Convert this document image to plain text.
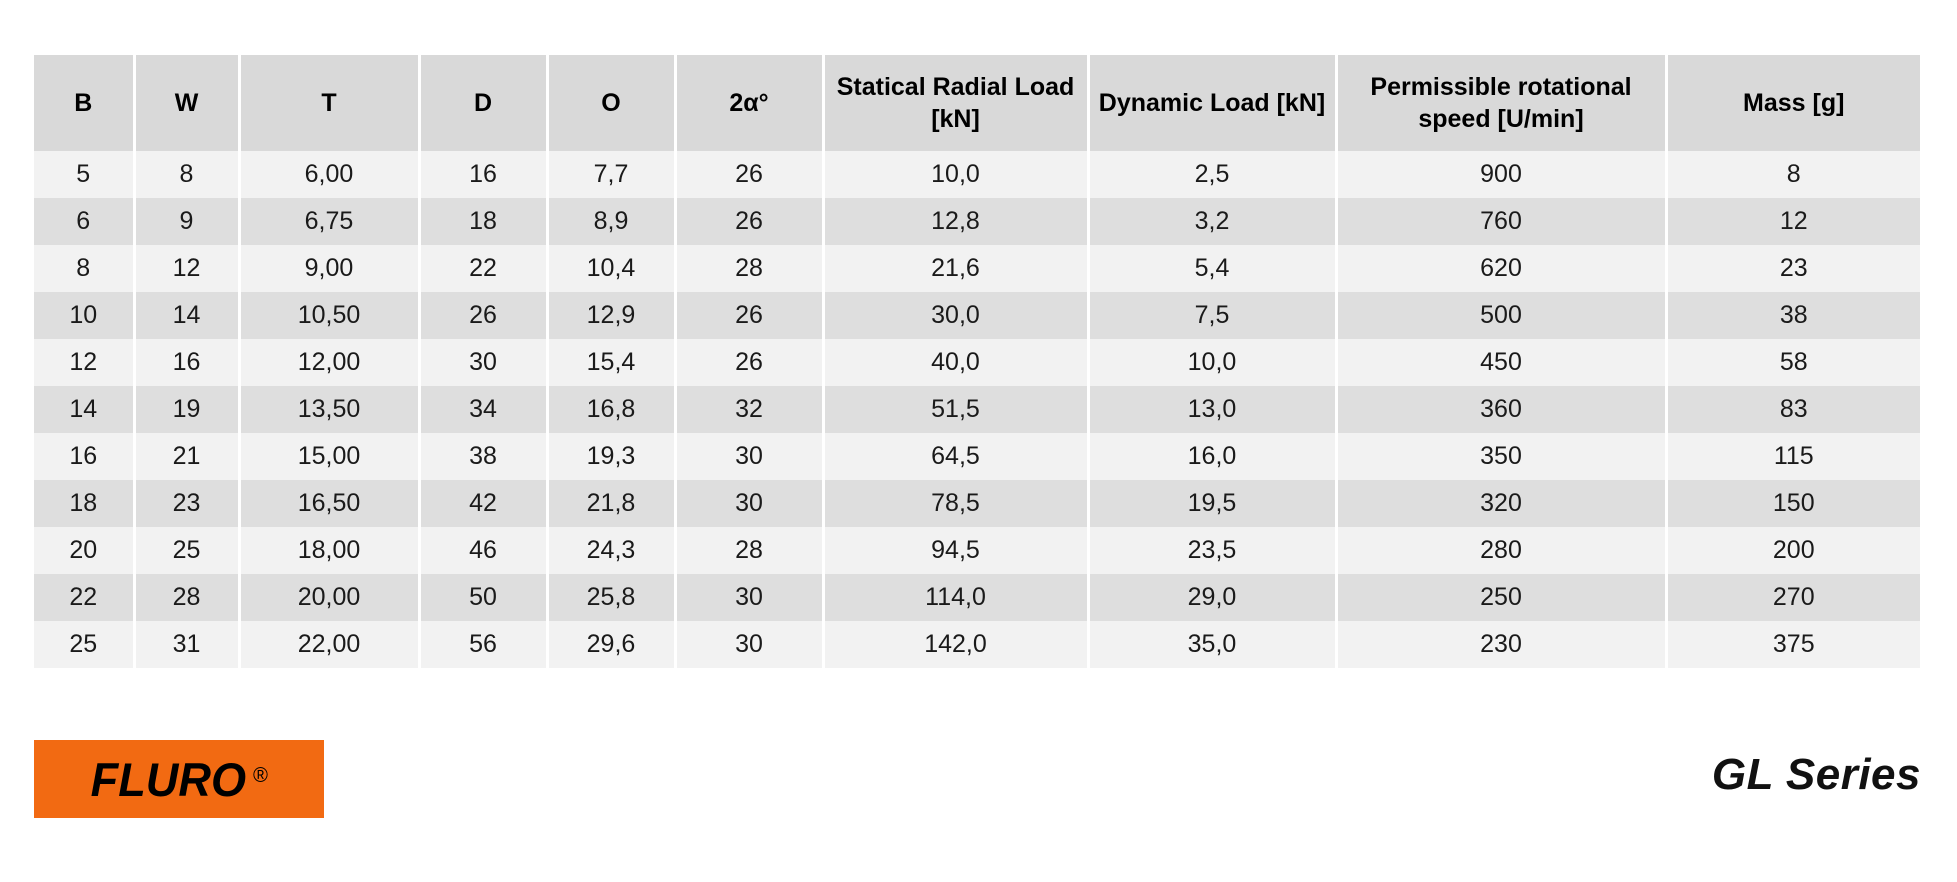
B	W	T	D	O	2α°	Statical Radial Load [kN]	Dynamic Load [kN]	Permissible rotational speed [U/min]	Mass [g]
5	8	6,00	16	7,7	26	10,0	2,5	900	8
6	9	6,75	18	8,9	26	12,8	3,2	760	12
8	12	9,00	22	10,4	28	21,6	5,4	620	23
10	14	10,50	26	12,9	26	30,0	7,5	500	38
12	16	12,00	30	15,4	26	40,0	10,0	450	58
14	19	13,50	34	16,8	32	51,5	13,0	360	83
16	21	15,00	38	19,3	30	64,5	16,0	350	115
18	23	16,50	42	21,8	30	78,5	19,5	320	150
20	25	18,00	46	24,3	28	94,5	23,5	280	200
22	28	20,00	50	25,8	30	114,0	29,0	250	270
25	31	22,00	56	29,6	30	142,0	35,0	230	375
FLURO ®	GL Series
